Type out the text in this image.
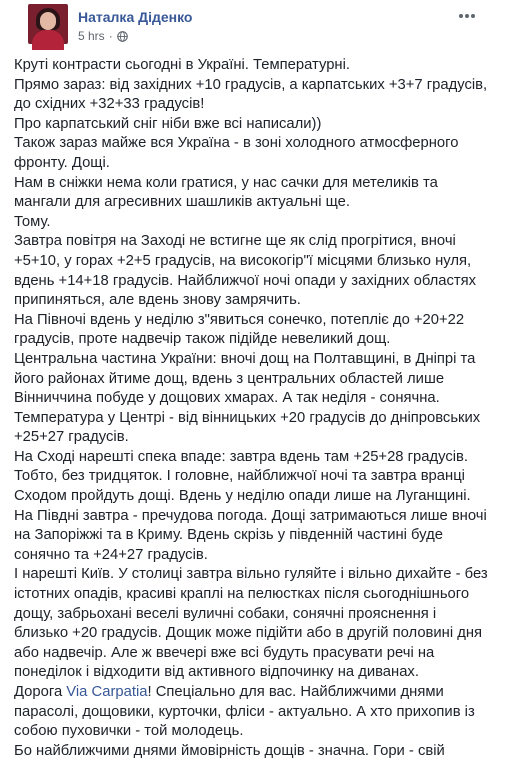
Наталка Діденко
5 hrs ·

Круті контрасти сьогодні в Україні. Температурні.

Прямо зараз: від західних +10 градусів, а карпатських +3+7 градусів, до східних +32+33 градусів!

Про карпатський сніг ніби вже всі написали))

Також зараз майже вся Україна - в зоні холодного атмосферного фронту. Дощі.

Нам в сніжки нема коли гратися, у нас сачки для метеликів та мангали для агресивних шашликів актуальні ще.

Тому.

Завтра повітря на Заході не встигне ще як слід прогрітися, вночі +5+10, у горах +2+5 градусів, на високогір"ї місцями близько нуля, вдень +14+18 градусів. Найближчої ночі опади у західних областях припиняться, але вдень знову замрячить.

На Півночі вдень у неділю з"явиться сонечко, потепліє до +20+22 градусів, проте надвечір також підійде невеликий дощ.

Центральна частина України: вночі дощ на Полтавщині, в Дніпрі та його районах йтиме дощ, вдень з центральних областей лише Вінниччина побуде у дощових хмарах. А так неділя - сонячна.

Температура у Центрі - від вінницьких +20 градусів до дніпровських +25+27 градусів.

На Сході нарешті спека впаде: завтра вдень там +25+28 градусів. Тобто, без тридцяток. І головне, найближчої ночі та завтра вранці Сходом пройдуть дощі. Вдень у неділю опади лише на Луганщині.

На Півдні завтра - пречудова погода. Дощі затримаються лише вночі на Запоріжжі та в Криму. Вдень скрізь у південній частині буде сонячно та +24+27 градусів.

І нарешті Київ. У столиці завтра вільно гуляйте і вільно дихайте - без істотних опадів, красиві краплі на пелюстках після сьогоднішнього дощу, забрьохані веселі вуличні собаки, сонячні прояснення і близько +20 градусів. Дощик може підійти або в другій половині дня або надвечір. Але ж ввечері вже всі будуть прасувати речі на понеділок і відходити від активного відпочинку на диванах.

Дорога Via Carpatia! Спеціально для вас. Найближчими днями парасолі, дощовики, курточки, фліси - актуально. А хто прихопив із собою пуховички - той молодець.

Бо найближчими днями ймовірність дощів - значна. Гори - свій
